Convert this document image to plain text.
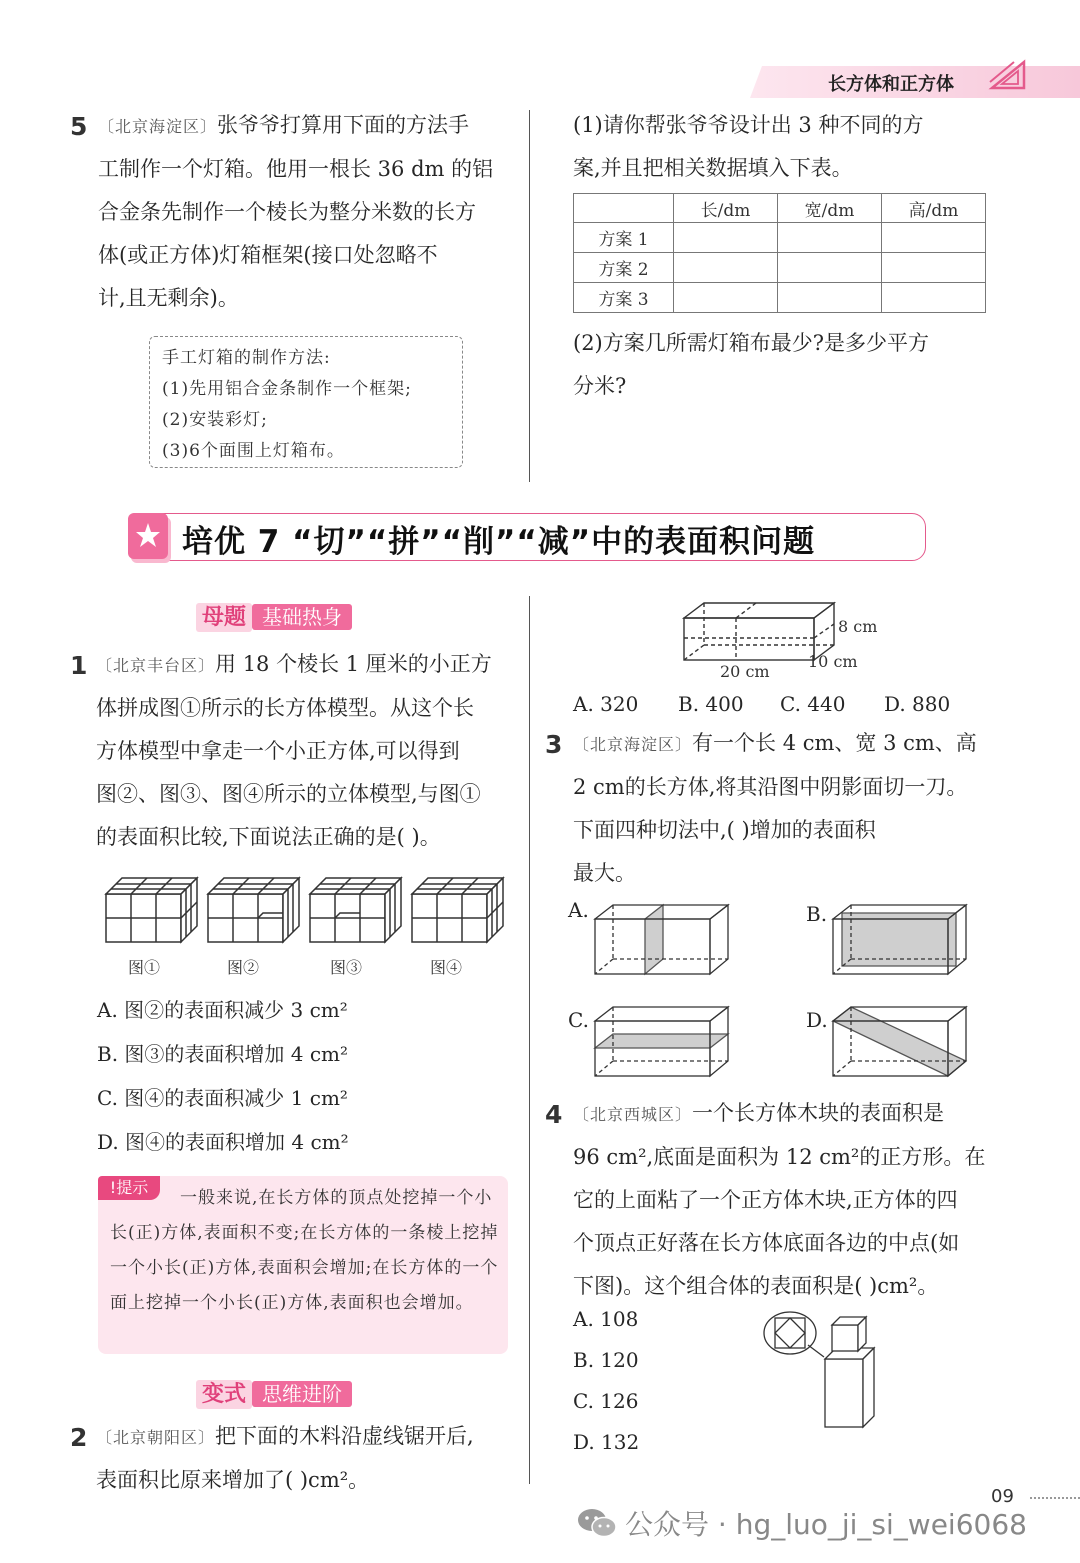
长方体和正方体
5 〔北京海淀区〕张爷爷打算用下面的方法手
工制作一个灯箱。他用一根长 36 dm 的铝
合金条先制作一个棱长为整分米数的长方
体(或正方体)灯箱框架(接口处忽略不
计,且无剩余)。
手工灯箱的制作方法:
(1)先用铝合金条制作一个框架;
(2)安装彩灯;
(3)6个面围上灯箱布。
(1)请你帮张爷爷设计出 3 种不同的方
案,并且把相关数据填入下表。
	长/dm	宽/dm	高/dm
方案 1			
方案 2			
方案 3			
(2)方案几所需灯箱布最少?是多少平方
分米?
培优 7 “切”“拼”“削”“减”中的表面积问题
母题 基础热身
1 〔北京丰台区〕用 18 个棱长 1 厘米的小正方
体拼成图①所示的长方体模型。从这个长
方体模型中拿走一个小正方体,可以得到
图②、图③、图④所示的立体模型,与图①
的表面积比较,下面说法正确的是( )。
图①	图②	图③	图④
A. 图②的表面积减少 3 cm²
B. 图③的表面积增加 4 cm²
C. 图④的表面积减少 1 cm²
D. 图④的表面积增加 4 cm²
!提示
一般来说,在长方体的顶点处挖掉一个小长(正)方体,表面积不变;在长方体的一条棱上挖掉一个小长(正)方体,表面积会增加;在长方体的一个面上挖掉一个小长(正)方体,表面积也会增加。
变式 思维进阶
2 〔北京朝阳区〕把下面的木料沿虚线锯开后,
表面积比原来增加了( )cm²。
8 cm
10 cm
20 cm
A. 320 B. 400 C. 440 D. 880
3 〔北京海淀区〕有一个长 4 cm、宽 3 cm、高
2 cm的长方体,将其沿图中阴影面切一刀。
下面四种切法中,( )增加的表面积
最大。
A.	B.
C.	D.
4 〔北京西城区〕一个长方体木块的表面积是
96 cm²,底面是面积为 12 cm²的正方形。在
它的上面粘了一个正方体木块,正方体的四
个顶点正好落在长方体底面各边的中点(如
下图)。这个组合体的表面积是( )cm²。
A. 108
B. 120
C. 126
D. 132
09
公众号 · hg_luo_ji_si_wei6068
